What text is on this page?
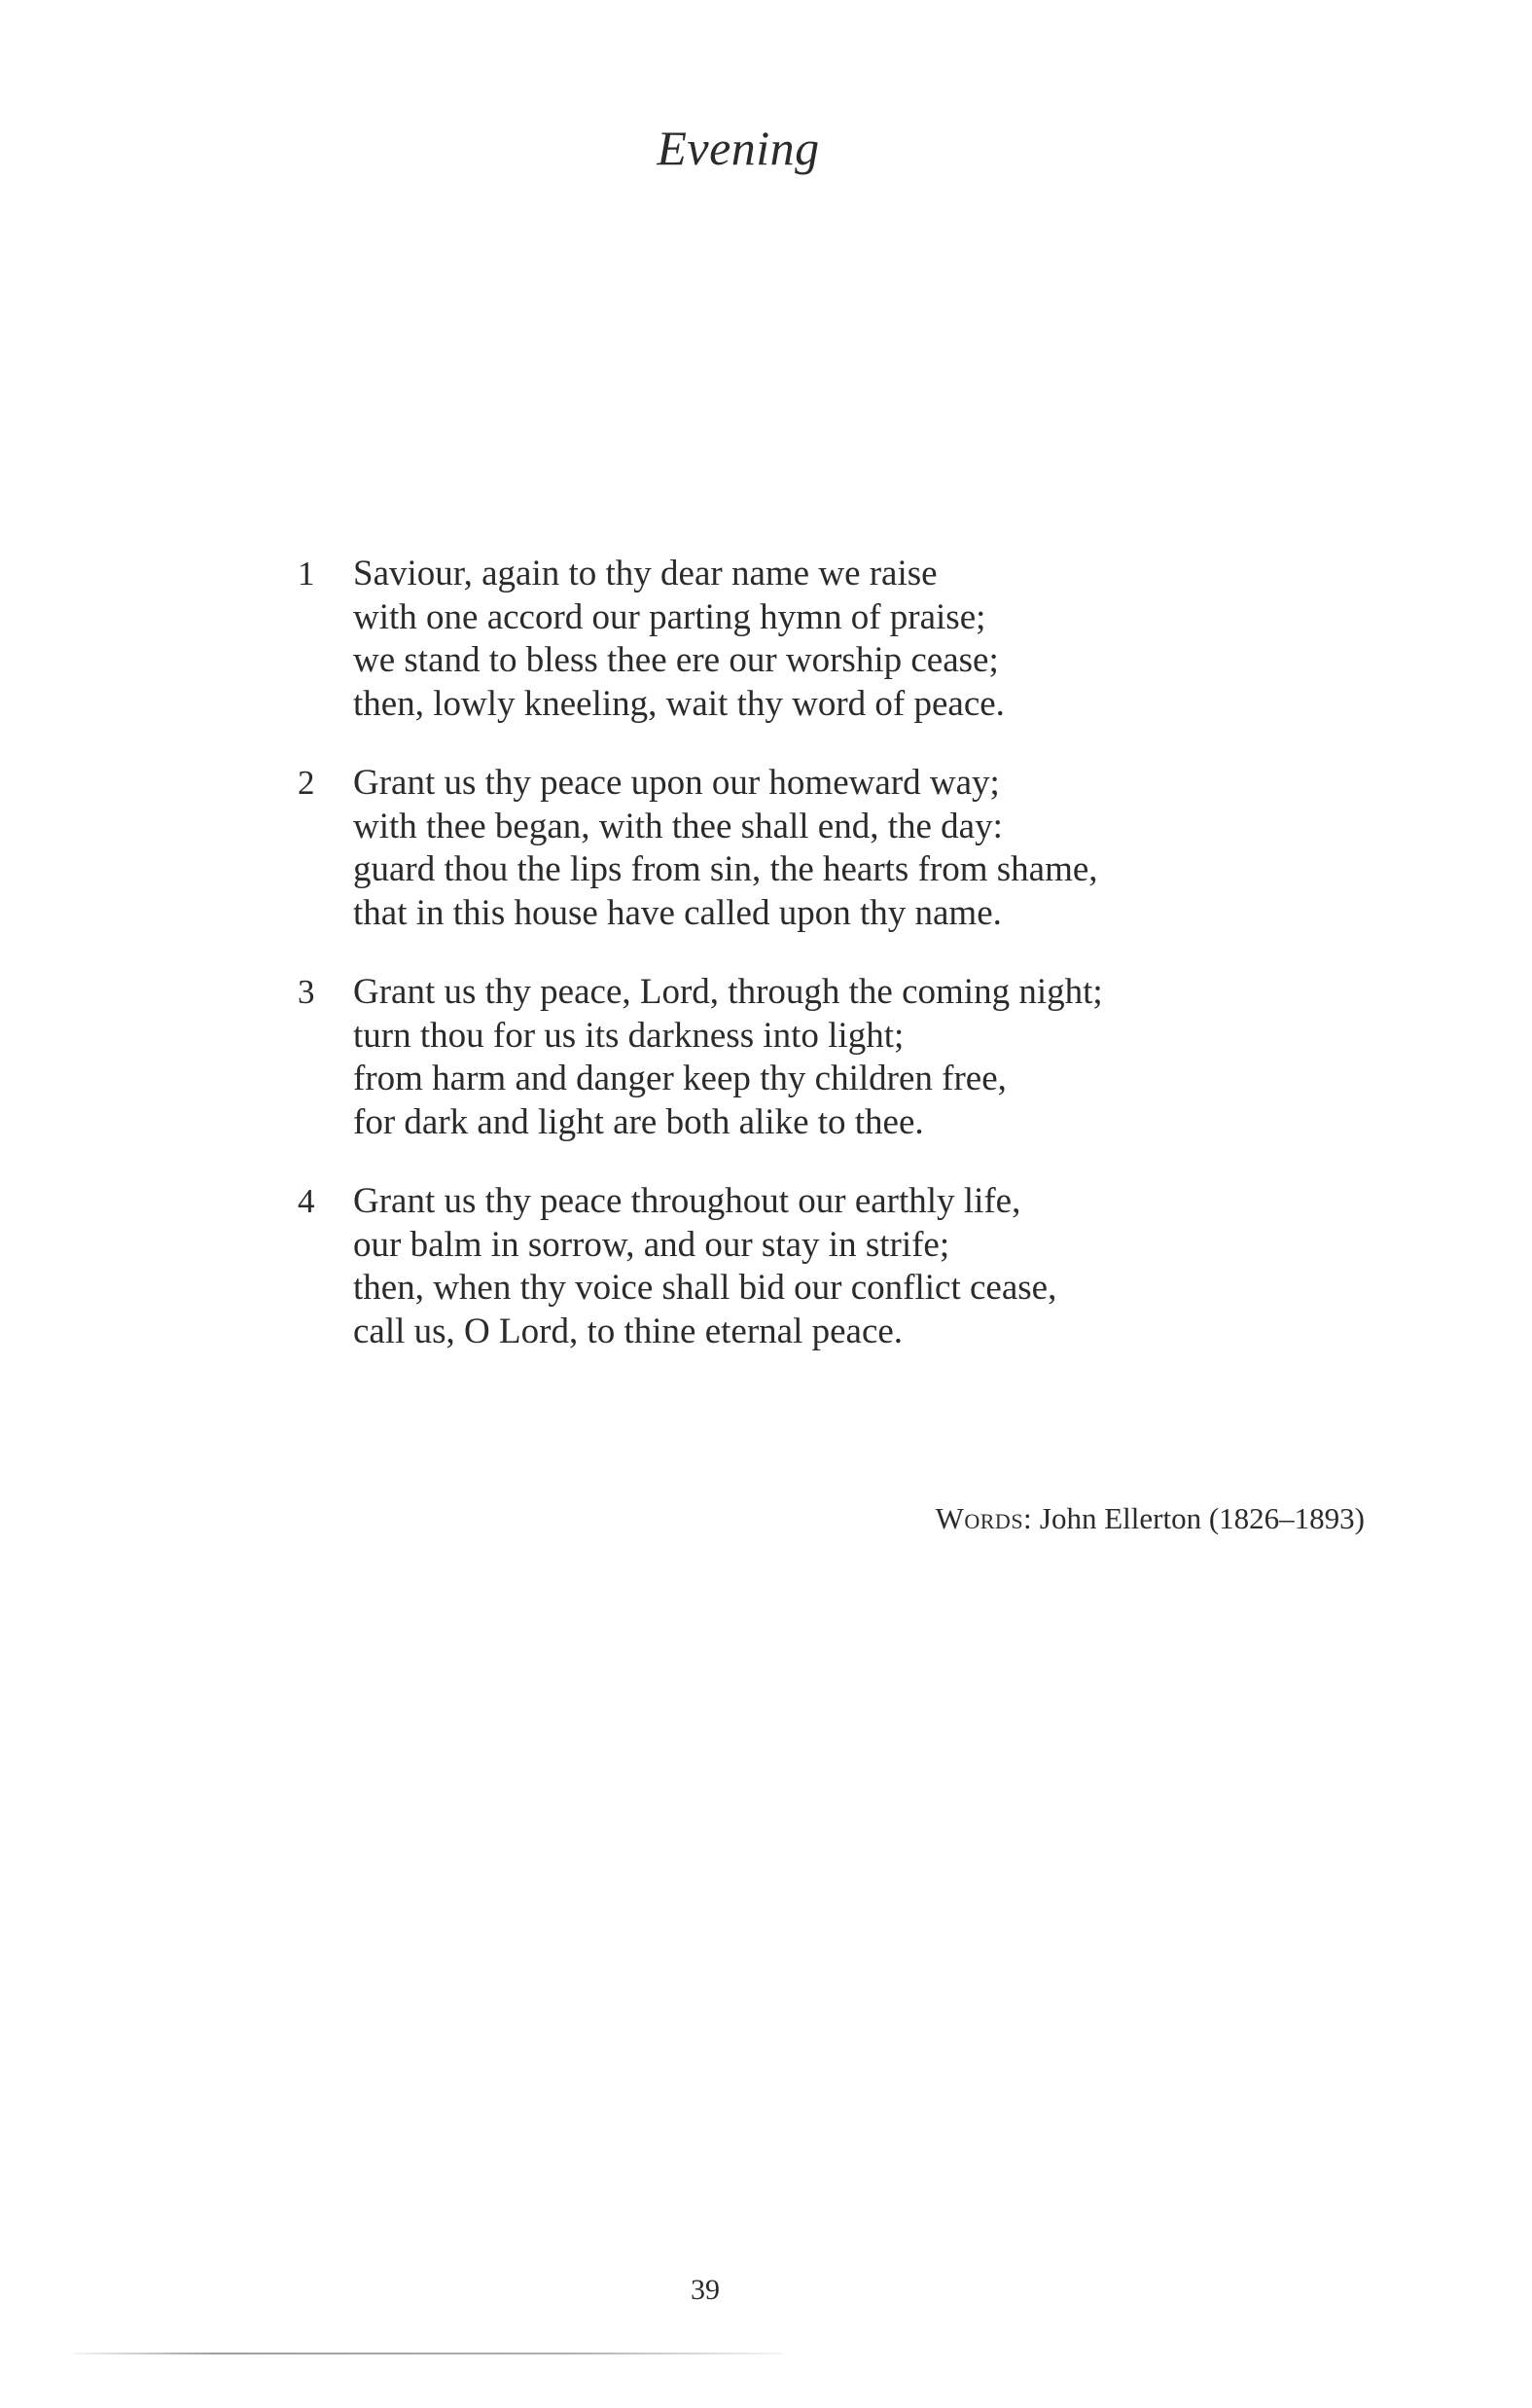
Evening
1	Saviour, again to thy dear name we raise
with one accord our parting hymn of praise;
we stand to bless thee ere our worship cease;
then, lowly kneeling, wait thy word of peace.
2	Grant us thy peace upon our homeward way;
with thee began, with thee shall end, the day:
guard thou the lips from sin, the hearts from shame,
that in this house have called upon thy name.
3	Grant us thy peace, Lord, through the coming night;
turn thou for us its darkness into light;
from harm and danger keep thy children free,
for dark and light are both alike to thee.
4	Grant us thy peace throughout our earthly life,
our balm in sorrow, and our stay in strife;
then, when thy voice shall bid our conflict cease,
call us, O Lord, to thine eternal peace.
Words: John Ellerton (1826–1893)
39
